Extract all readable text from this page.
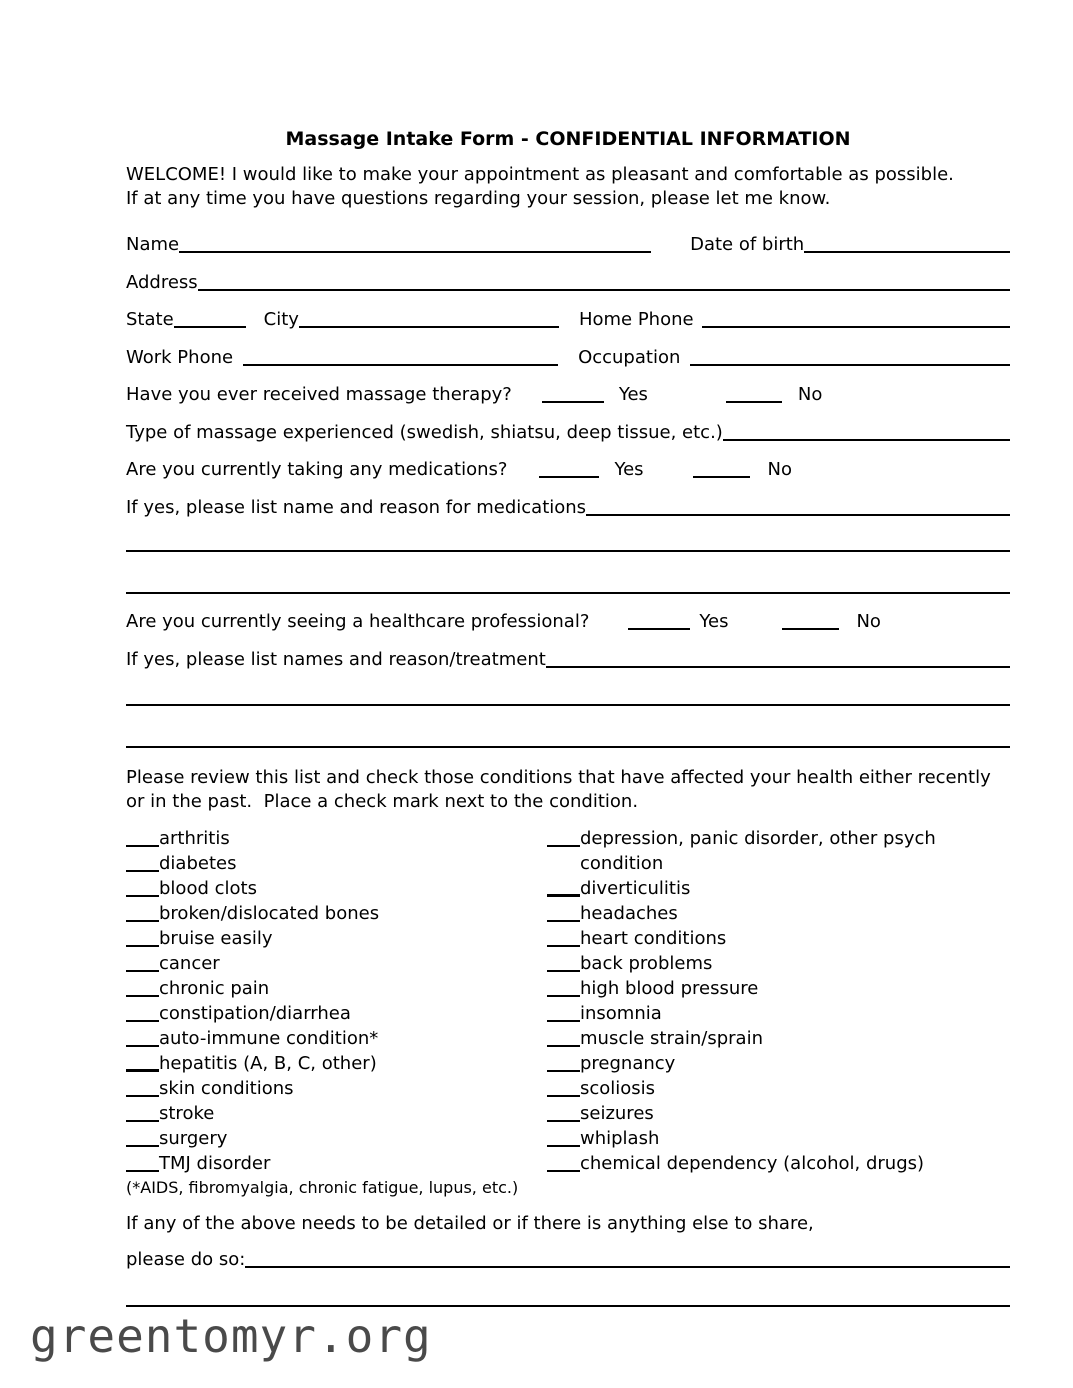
Massage Intake Form - CONFIDENTIAL INFORMATION
WELCOME! I would like to make your appointment as pleasant and comfortable as possible.  If at any time you have questions regarding your session, please let me know.
Name	Date of birth
Address
State	City	Home Phone
Work Phone	Occupation
Have you ever received massage therapy?	Yes	No
Type of massage experienced (swedish, shiatsu, deep tissue, etc.)
Are you currently taking any medications?	Yes	No
If yes, please list name and reason for medications
Are you currently seeing a healthcare professional?	Yes	No
If yes, please list names and reason/treatment
Please review this list and check those conditions that have affected your health either recently or in the past.  Place a check mark next to the condition.
arthritis
diabetes
blood clots
broken/dislocated bones
bruise easily
cancer
chronic pain
constipation/diarrhea
auto-immune condition*
hepatitis (A, B, C, other)
skin conditions
stroke
surgery
TMJ disorder
depression, panic disorder, other psych condition
diverticulitis
headaches
heart conditions
back problems
high blood pressure
insomnia
muscle strain/sprain
pregnancy
scoliosis
seizures
whiplash
chemical dependency (alcohol, drugs)
(*AIDS, fibromyalgia, chronic fatigue, lupus, etc.)
If any of the above needs to be detailed or if there is anything else to share,
please do so:
greentomyr.org
